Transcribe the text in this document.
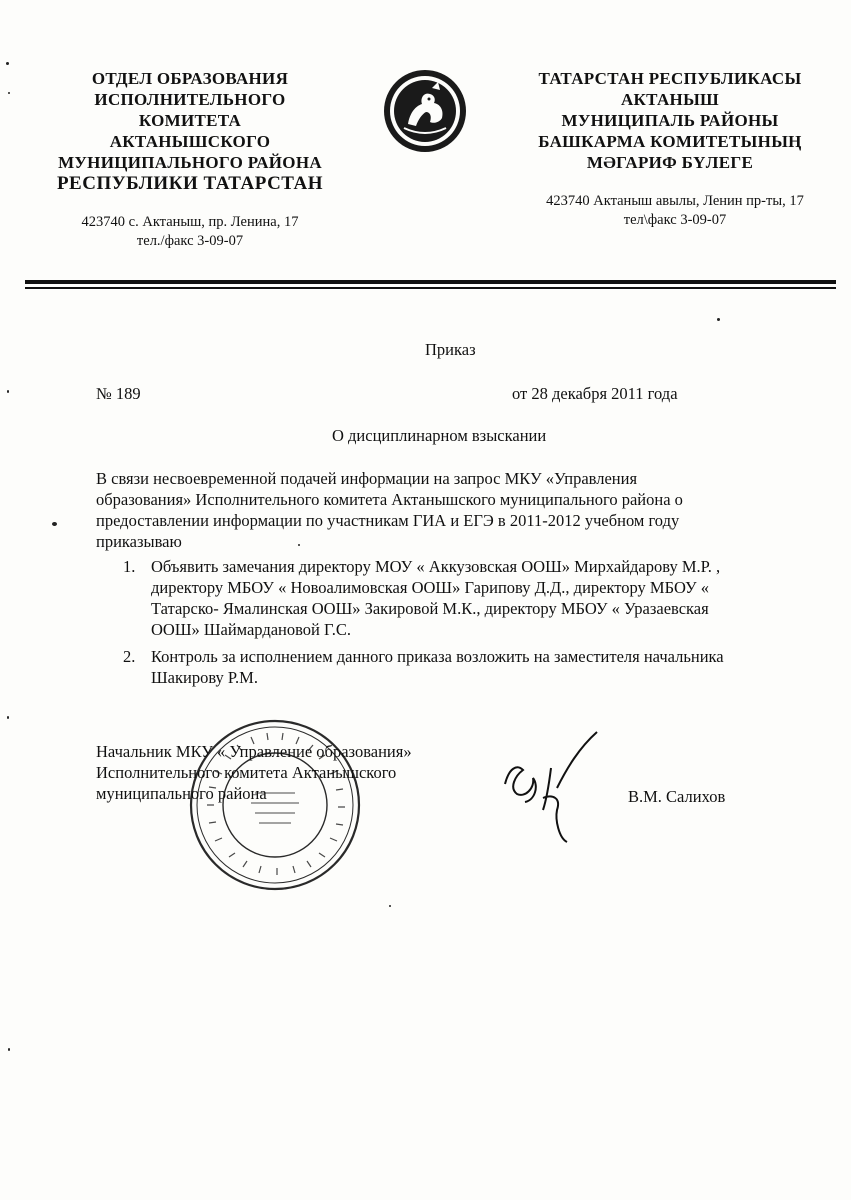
ОТДЕЛ ОБРАЗОВАНИЯ
ИСПОЛНИТЕЛЬНОГО
КОМИТЕТА
АКТАНЫШСКОГО
МУНИЦИПАЛЬНОГО РАЙОНА
РЕСПУБЛИКИ ТАТАРСТАН
423740 с. Актаныш, пр. Ленина, 17
тел./факс 3-09-07
ТАТАРСТАН РЕСПУБЛИКАСЫ
АКТАНЫШ
МУНИЦИПАЛЬ РАЙОНЫ
БАШКАРМА КОМИТЕТЫНЫҢ
МӘГАРИФ БҮЛЕГЕ
423740 Актаныш авылы, Ленин пр-ты, 17
тел\факс 3-09-07
Приказ
№ 189	от 28 декабря 2011 года
О дисциплинарном взыскании
В связи несвоевременной подачей информации на запрос МКУ «Управления
образования» Исполнительного комитета Актанышского муниципального района о
предоставлении информации по участникам ГИА и ЕГЭ в 2011-2012 учебном году
приказываю
1. Объявить замечания директору МОУ « Аккузовская ООШ» Мирхайдарову М.Р. ,
директору МБОУ « Новоалимовская ООШ» Гарипову Д.Д., директору МБОУ «
Татарско- Ямалинская ООШ» Закировой М.К., директору МБОУ « Уразаевская
ООШ» Шаймардановой Г.С.
2. Контроль за исполнением данного приказа возложить на заместителя начальника
Шакирову Р.М.
Начальник МКУ « Управление образования»
Исполнительного комитета Актанышского
муниципального района	В.М. Салихов
